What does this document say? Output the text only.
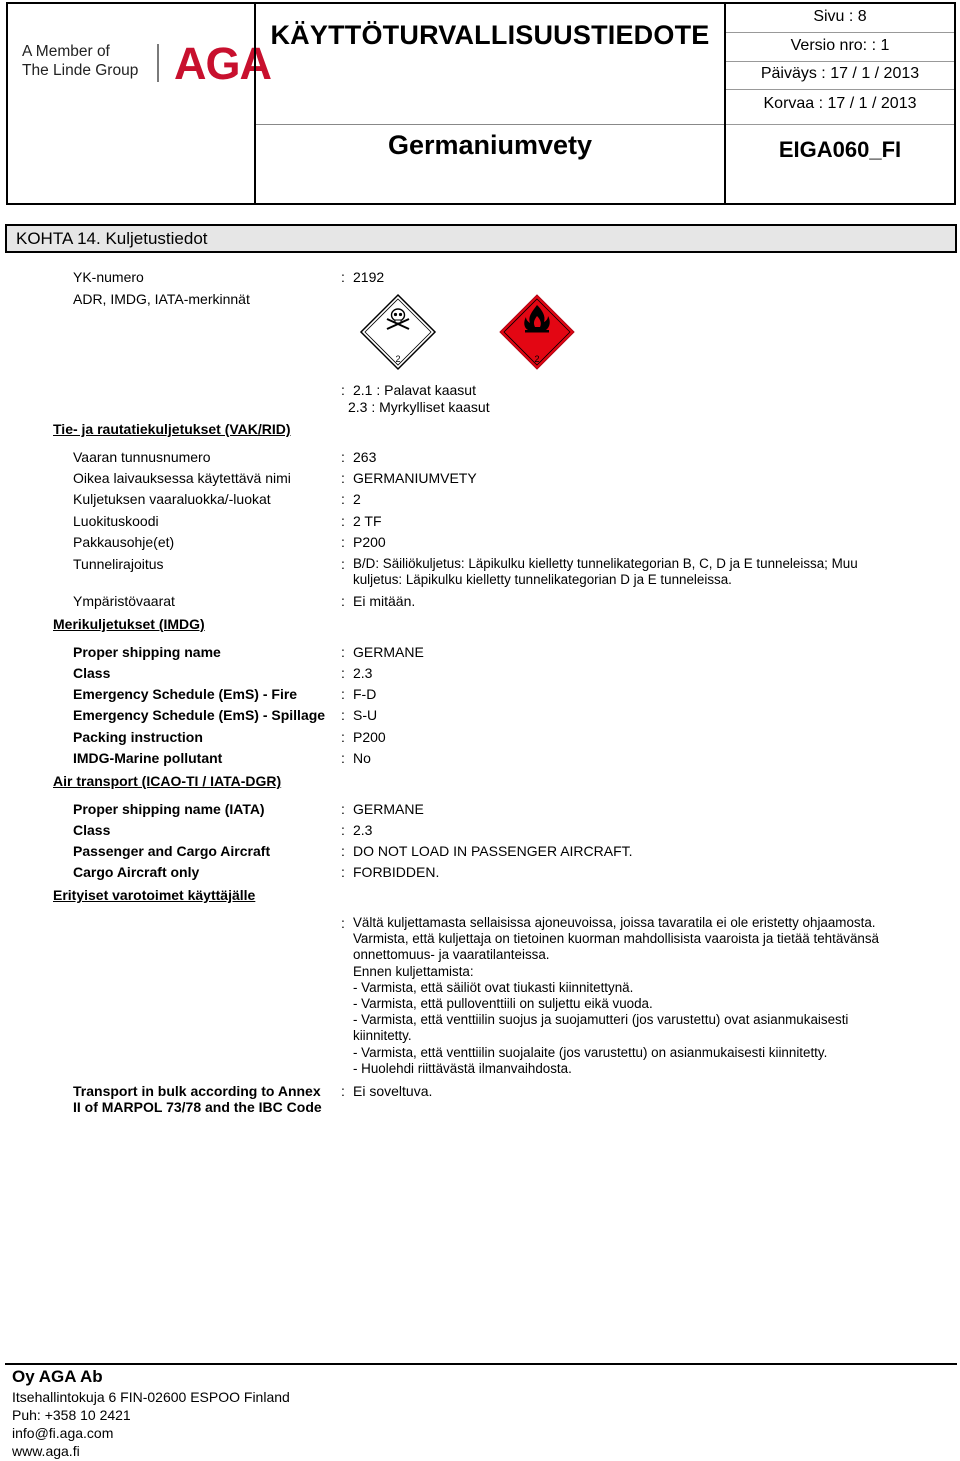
A Member of
The Linde Group AGA
KÄYTTÖTURVALLISUUSTIEDOTE
Germaniumvety
Sivu : 8
Versio nro: : 1
Päiväys : 17 / 1 / 2013
Korvaa : 17 / 1 / 2013
EIGA060_FI
KOHTA 14. Kuljetustiedot
YK-numero	: 2192
ADR, IMDG, IATA-merkinnät
2	2
: 2.1 : Palavat kaasut
2.3 : Myrkylliset kaasut
Tie- ja rautatiekuljetukset (VAK/RID)
Vaaran tunnusnumero	: 263
Oikea laivauksessa käytettävä nimi	: GERMANIUMVETY
Kuljetuksen vaaraluokka/-luokat	: 2
Luokituskoodi	: 2 TF
Pakkausohje(et)	: P200
Tunnelirajoitus	: B/D: Säiliökuljetus: Läpikulku kielletty tunnelikategorian B, C, D ja E tunneleissa; Muu
kuljetus: Läpikulku kielletty tunnelikategorian D ja E tunneleissa.
Ympäristövaarat	: Ei mitään.
Merikuljetukset (IMDG)
Proper shipping name	: GERMANE
Class	: 2.3
Emergency Schedule (EmS) - Fire	: F-D
Emergency Schedule (EmS) - Spillage : S-U
Packing instruction	: P200
IMDG-Marine pollutant	: No
Air transport (ICAO-TI / IATA-DGR)
Proper shipping name (IATA)	: GERMANE
Class	: 2.3
Passenger and Cargo Aircraft	: DO NOT LOAD IN PASSENGER AIRCRAFT.
Cargo Aircraft only	: FORBIDDEN.
Erityiset varotoimet käyttäjälle
: Vältä kuljettamasta sellaisissa ajoneuvoissa, joissa tavaratila ei ole eristetty ohjaamosta.
Varmista, että kuljettaja on tietoinen kuorman mahdollisista vaaroista ja tietää tehtävänsä
onnettomuus- ja vaaratilanteissa.
Ennen kuljettamista:
- Varmista, että säiliöt ovat tiukasti kiinnitettynä.
- Varmista, että pulloventtiili on suljettu eikä vuoda.
- Varmista, että venttiilin suojus ja suojamutteri (jos varustettu) ovat asianmukaisesti
kiinnitetty.
- Varmista, että venttiilin suojalaite (jos varustettu) on asianmukaisesti kiinnitetty.
- Huolehdi riittävästä ilmanvaihdosta.
Transport in bulk according to Annex
II of MARPOL 73/78 and the IBC Code
: Ei soveltuva.
Oy AGA Ab
Itsehallintokuja 6 FIN-02600 ESPOO Finland
Puh: +358 10 2421
info@fi.aga.com
www.aga.fi
